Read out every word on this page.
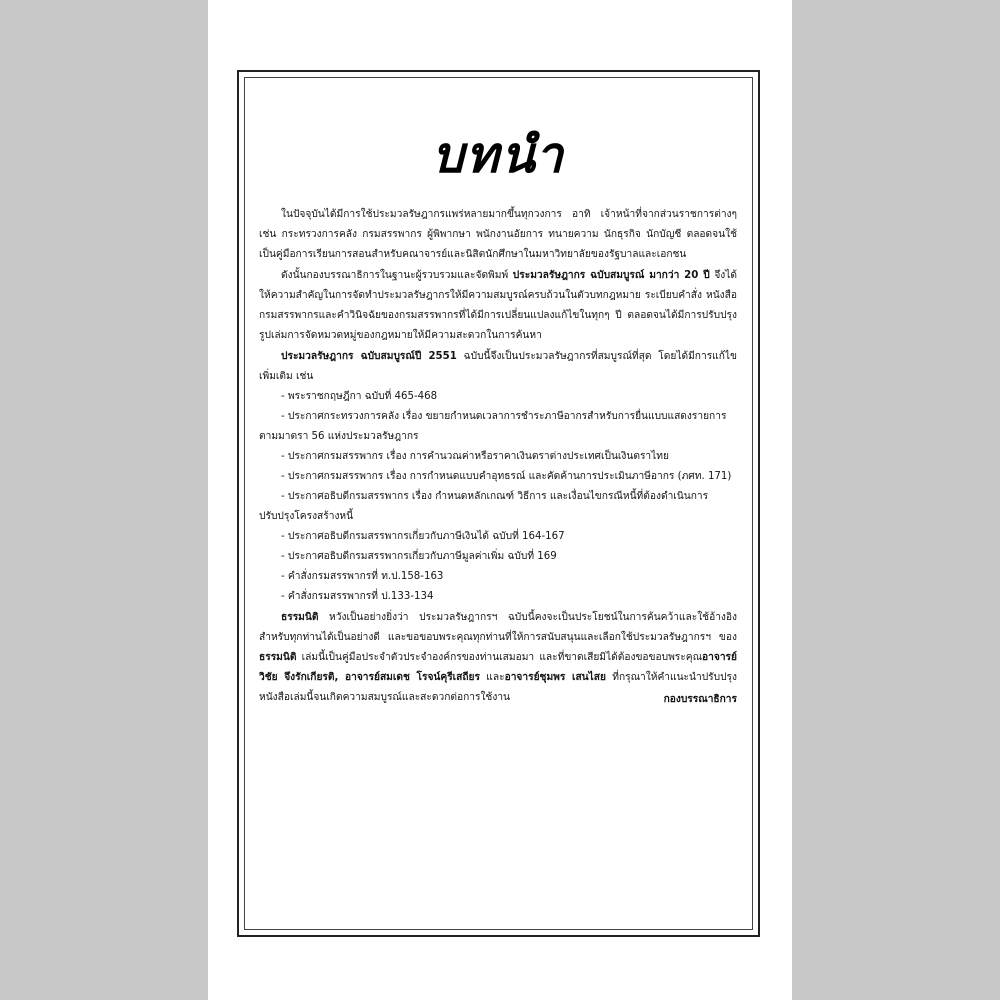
บทนำ

ในปัจจุบันได้มีการใช้ประมวลรัษฎากรแพร่หลายมากขึ้นทุกวงการ อาทิ เจ้าหน้าที่จากส่วนราชการต่างๆ เช่น กระทรวงการคลัง กรมสรรพากร ผู้พิพากษา พนักงานอัยการ ทนายความ นักธุรกิจ นักบัญชี ตลอดจนใช้เป็นคู่มือการเรียนการสอนสำหรับคณาจารย์และนิสิตนักศึกษาในมหาวิทยาลัยของรัฐบาลและเอกชน

ดังนั้นกองบรรณาธิการในฐานะผู้รวบรวมและจัดพิมพ์ ประมวลรัษฎากร ฉบับสมบูรณ์ มากว่า 20 ปี จึงได้ให้ความสำคัญในการจัดทำประมวลรัษฎากรให้มีความสมบูรณ์ครบถ้วนในตัวบทกฎหมาย ระเบียบคำสั่ง หนังสือกรมสรรพากรและคำวินิจฉัยของกรมสรรพากรที่ได้มีการเปลี่ยนแปลงแก้ไขในทุกๆ ปี ตลอดจนได้มีการปรับปรุงรูปเล่มการจัดหมวดหมู่ของกฎหมายให้มีความสะดวกในการค้นหา

ประมวลรัษฎากร ฉบับสมบูรณ์ปี 2551 ฉบับนี้จึงเป็นประมวลรัษฎากรที่สมบูรณ์ที่สุด โดยได้มีการแก้ไขเพิ่มเติม เช่น

- พระราชกฤษฎีกา ฉบับที่ 465-468
- ประกาศกระทรวงการคลัง เรื่อง ขยายกำหนดเวลาการชำระภาษีอากรสำหรับการยื่นแบบแสดงรายการ ตามมาตรา 56 แห่งประมวลรัษฎากร
- ประกาศกรมสรรพากร เรื่อง การคำนวณค่าหรือราคาเงินตราต่างประเทศเป็นเงินตราไทย
- ประกาศกรมสรรพากร เรื่อง การกำหนดแบบคำอุทธรณ์ และคัดค้านการประเมินภาษีอากร (ภศท. 171)
- ประกาศอธิบดีกรมสรรพากร เรื่อง กำหนดหลักเกณฑ์ วิธีการ และเงื่อนไขกรณีหนี้ที่ต้องดำเนินการปรับปรุงโครงสร้างหนี้
- ประกาศอธิบดีกรมสรรพากรเกี่ยวกับภาษีเงินได้ ฉบับที่ 164-167
- ประกาศอธิบดีกรมสรรพากรเกี่ยวกับภาษีมูลค่าเพิ่ม ฉบับที่ 169
- คำสั่งกรมสรรพากรที่ ท.ป.158-163
- คำสั่งกรมสรรพากรที่ ป.133-134

ธรรมนิติ หวังเป็นอย่างยิ่งว่า ประมวลรัษฎากรฯ ฉบับนี้คงจะเป็นประโยชน์ในการค้นคว้าและใช้อ้างอิงสำหรับทุกท่านได้เป็นอย่างดี และขอขอบพระคุณทุกท่านที่ให้การสนับสนุนและเลือกใช้ประมวลรัษฎากรฯ ของ ธรรมนิติ เล่มนี้เป็นคู่มือประจำตัวประจำองค์กรของท่านเสมอมา และที่ขาดเสียมิได้ต้องขอขอบพระคุณอาจารย์วิชัย จึงรักเกียรติ, อาจารย์สมเดช โรจน์คุรีเสถียร และอาจารย์ชุมพร เสนไสย ที่กรุณาให้คำแนะนำปรับปรุงหนังสือเล่มนี้จนเกิดความสมบูรณ์และสะดวกต่อการใช้งาน	กองบรรณาธิการ
